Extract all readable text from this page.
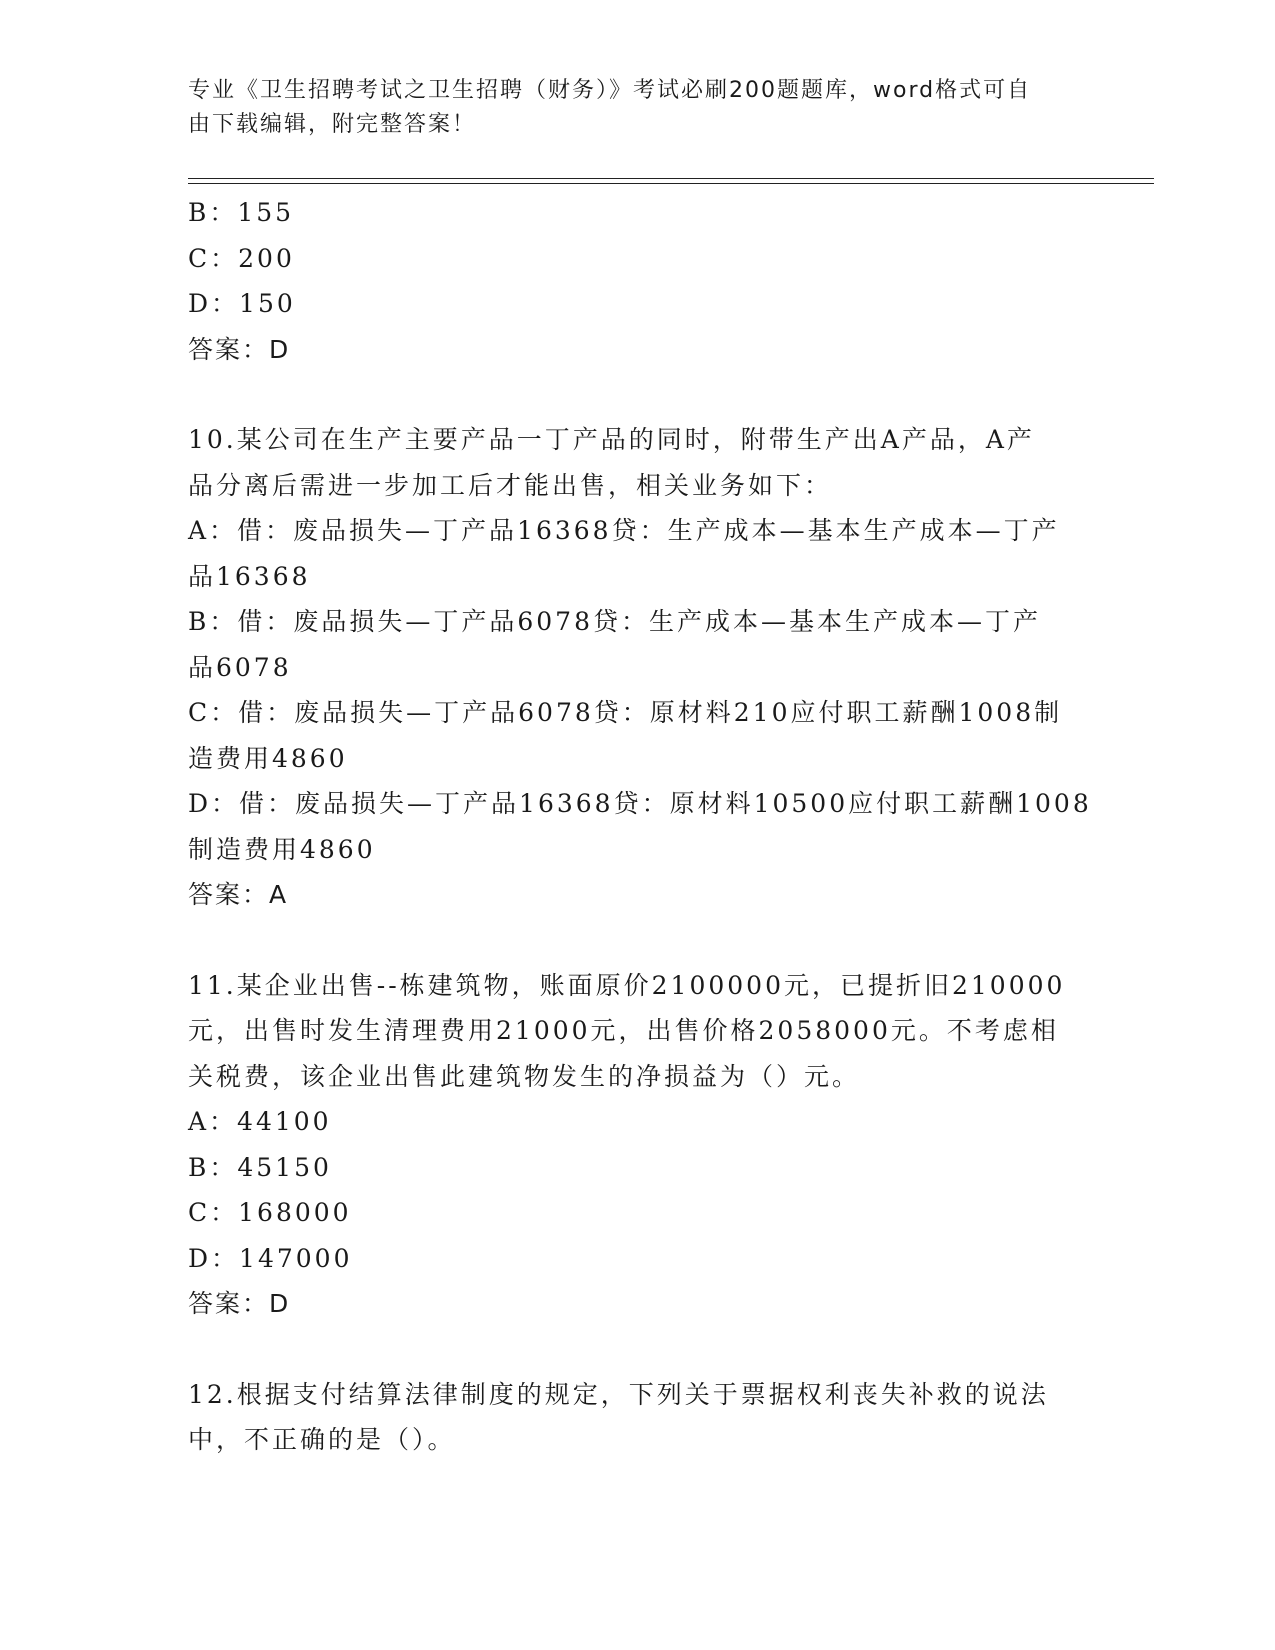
专业《卫生招聘考试之卫生招聘（财务）》考试必刷200题题库，word格式可自
由下载编辑，附完整答案！
B：155
C：200
D：150
答案：D
10.某公司在生产主要产品一丁产品的同时，附带生产出A产品，A产
品分离后需进一步加工后才能出售，相关业务如下：
A：借：废品损失—丁产品16368贷：生产成本—基本生产成本—丁产
品16368
B：借：废品损失—丁产品6078贷：生产成本—基本生产成本—丁产
品6078
C：借：废品损失—丁产品6078贷：原材料210应付职工薪酬1008制
造费用4860
D：借：废品损失—丁产品16368贷：原材料10500应付职工薪酬1008
制造费用4860
答案：A
11.某企业出售--栋建筑物，账面原价2100000元，已提折旧210000
元，出售时发生清理费用21000元，出售价格2058000元。不考虑相
关税费，该企业出售此建筑物发生的净损益为（）元。
A：44100
B：45150
C：168000
D：147000
答案：D
12.根据支付结算法律制度的规定，下列关于票据权利丧失补救的说法
中，不正确的是（）。
